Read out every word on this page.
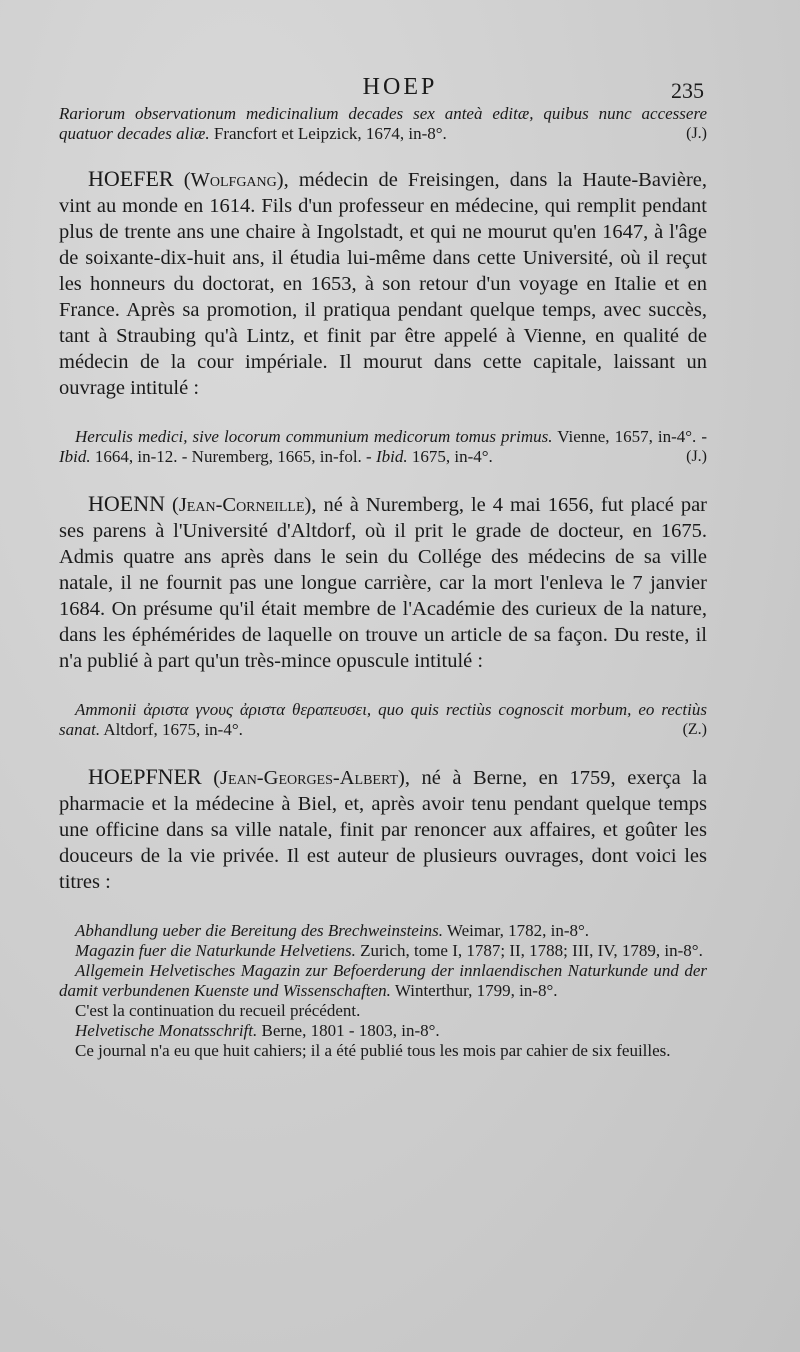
HOEP	235

Rariorum observationum medicinalium decades sex anteà editæ, quibus nunc accessere quatuor decades aliæ. Francfort et Leipzick, 1674, in-8°.	(J.)

HOEFER (Wolfgang), médecin de Freisingen, dans la Haute-Bavière, vint au monde en 1614. Fils d'un professeur en médecine, qui remplit pendant plus de trente ans une chaire à Ingolstadt, et qui ne mourut qu'en 1647, à l'âge de soixante-dix-huit ans, il étudia lui-même dans cette Université, où il reçut les honneurs du doctorat, en 1653, à son retour d'un voyage en Italie et en France. Après sa promotion, il pratiqua pendant quelque temps, avec succès, tant à Straubing qu'à Lintz, et finit par être appelé à Vienne, en qualité de médecin de la cour impériale. Il mourut dans cette capitale, laissant un ouvrage intitulé :

Herculis medici, sive locorum communium medicorum tomus primus. Vienne, 1657, in-4°. - Ibid. 1664, in-12. - Nuremberg, 1665, in-fol. - Ibid. 1675, in-4°.	(J.)

HOENN (Jean-Corneille), né à Nuremberg, le 4 mai 1656, fut placé par ses parens à l'Université d'Altdorf, où il prit le grade de docteur, en 1675. Admis quatre ans après dans le sein du Collége des médecins de sa ville natale, il ne fournit pas une longue carrière, car la mort l'enleva le 7 janvier 1684. On présume qu'il était membre de l'Académie des curieux de la nature, dans les éphémérides de laquelle on trouve un article de sa façon. Du reste, il n'a publié à part qu'un très-mince opuscule intitulé :

Ammonii ἀριστα γνους ἀριστα θεραπευσει, quo quis rectiùs cognoscit morbum, eo rectiùs sanat. Altdorf, 1675, in-4°.	(Z.)

HOEPFNER (Jean-Georges-Albert), né à Berne, en 1759, exerça la pharmacie et la médecine à Biel, et, après avoir tenu pendant quelque temps une officine dans sa ville natale, finit par renoncer aux affaires, et goûter les douceurs de la vie privée. Il est auteur de plusieurs ouvrages, dont voici les titres :

Abhandlung ueber die Bereitung des Brechweinsteins. Weimar, 1782, in-8°.

Magazin fuer die Naturkunde Helvetiens. Zurich, tome I, 1787; II, 1788; III, IV, 1789, in-8°.

Allgemein Helvetisches Magazin zur Befoerderung der innlaendischen Naturkunde und der damit verbundenen Kuenste und Wissenschaften. Winterthur, 1799, in-8°.

C'est la continuation du recueil précédent.

Helvetische Monatsschrift. Berne, 1801 - 1803, in-8°.

Ce journal n'a eu que huit cahiers; il a été publié tous les mois par cahier de six feuilles.
